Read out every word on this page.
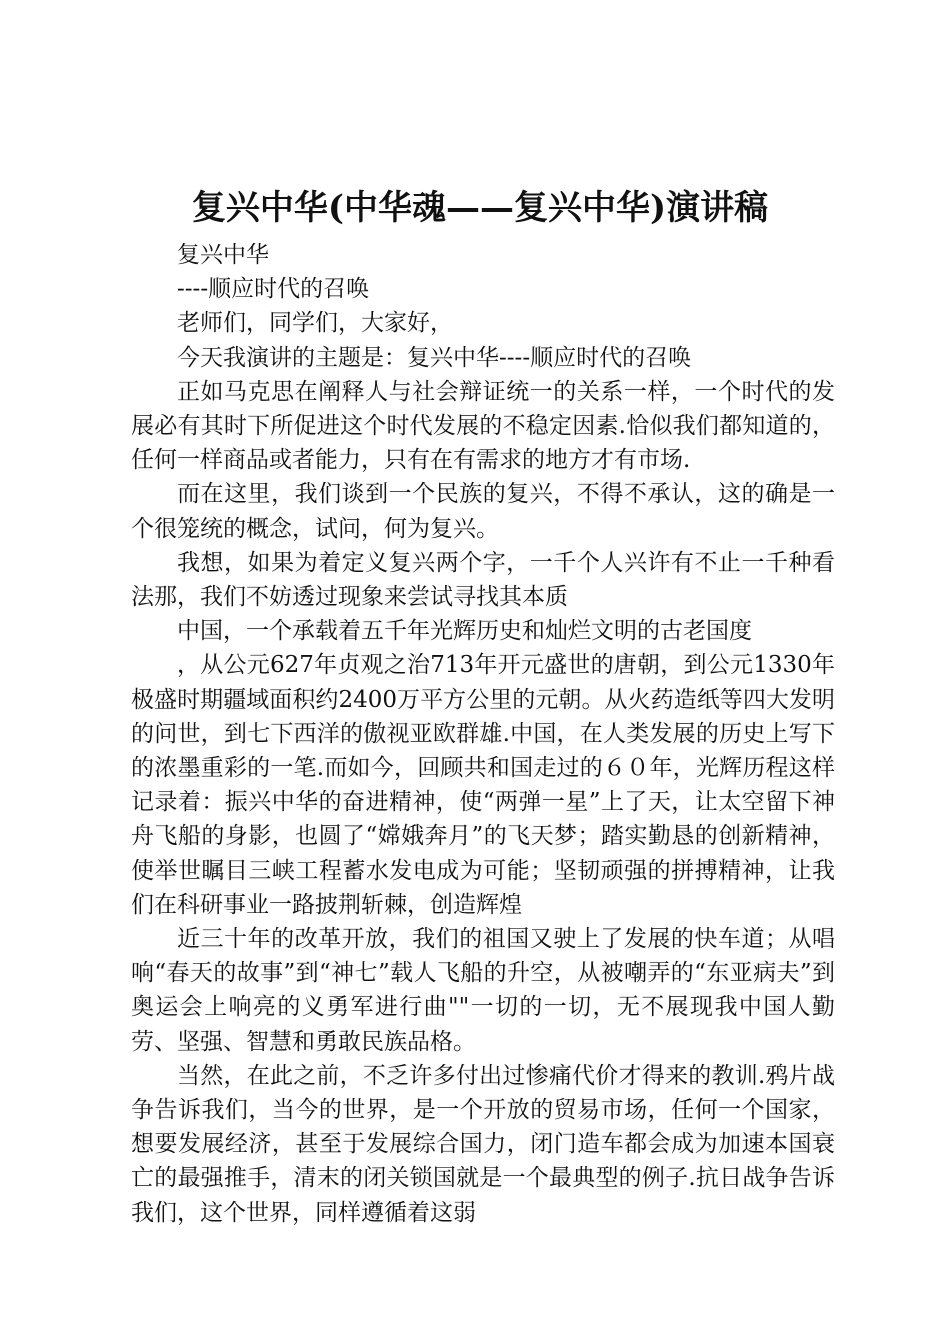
复兴中华(中华魂——复兴中华)演讲稿

复兴中华

----顺应时代的召唤

老师们，同学们，大家好，

今天我演讲的主题是：复兴中华----顺应时代的召唤

正如马克思在阐释人与社会辩证统一的关系一样，一个时代的发展必有其时下所促进这个时代发展的不稳定因素.恰似我们都知道的，任何一样商品或者能力，只有在有需求的地方才有市场.

而在这里，我们谈到一个民族的复兴，不得不承认，这的确是一个很笼统的概念，试问，何为复兴。

我想，如果为着定义复兴两个字，一千个人兴许有不止一千种看法那，我们不妨透过现象来尝试寻找其本质

中国，一个承载着五千年光辉历史和灿烂文明的古老国度

，从公元627年贞观之治713年开元盛世的唐朝，到公元1330年极盛时期疆域面积约2400万平方公里的元朝。从火药造纸等四大发明的问世，到七下西洋的傲视亚欧群雄.中国，在人类发展的历史上写下的浓墨重彩的一笔.而如今，回顾共和国走过的６０年，光辉历程这样记录着：振兴中华的奋进精神，使“两弹一星”上了天，让太空留下神舟飞船的身影，也圆了“嫦娥奔月”的飞天梦；踏实勤恳的创新精神，使举世瞩目三峡工程蓄水发电成为可能；坚韧顽强的拼搏精神，让我们在科研事业一路披荆斩棘，创造辉煌

近三十年的改革开放，我们的祖国又驶上了发展的快车道；从唱响“春天的故事”到“神七”载人飞船的升空，从被嘲弄的“东亚病夫”到奥运会上响亮的义勇军进行曲""一切的一切，无不展现我中国人勤劳、坚强、智慧和勇敢民族品格。

当然，在此之前，不乏许多付出过惨痛代价才得来的教训.鸦片战争告诉我们，当今的世界，是一个开放的贸易市场，任何一个国家，想要发展经济，甚至于发展综合国力，闭门造车都会成为加速本国衰亡的最强推手，清末的闭关锁国就是一个最典型的例子.抗日战争告诉我们，这个世界，同样遵循着这弱
